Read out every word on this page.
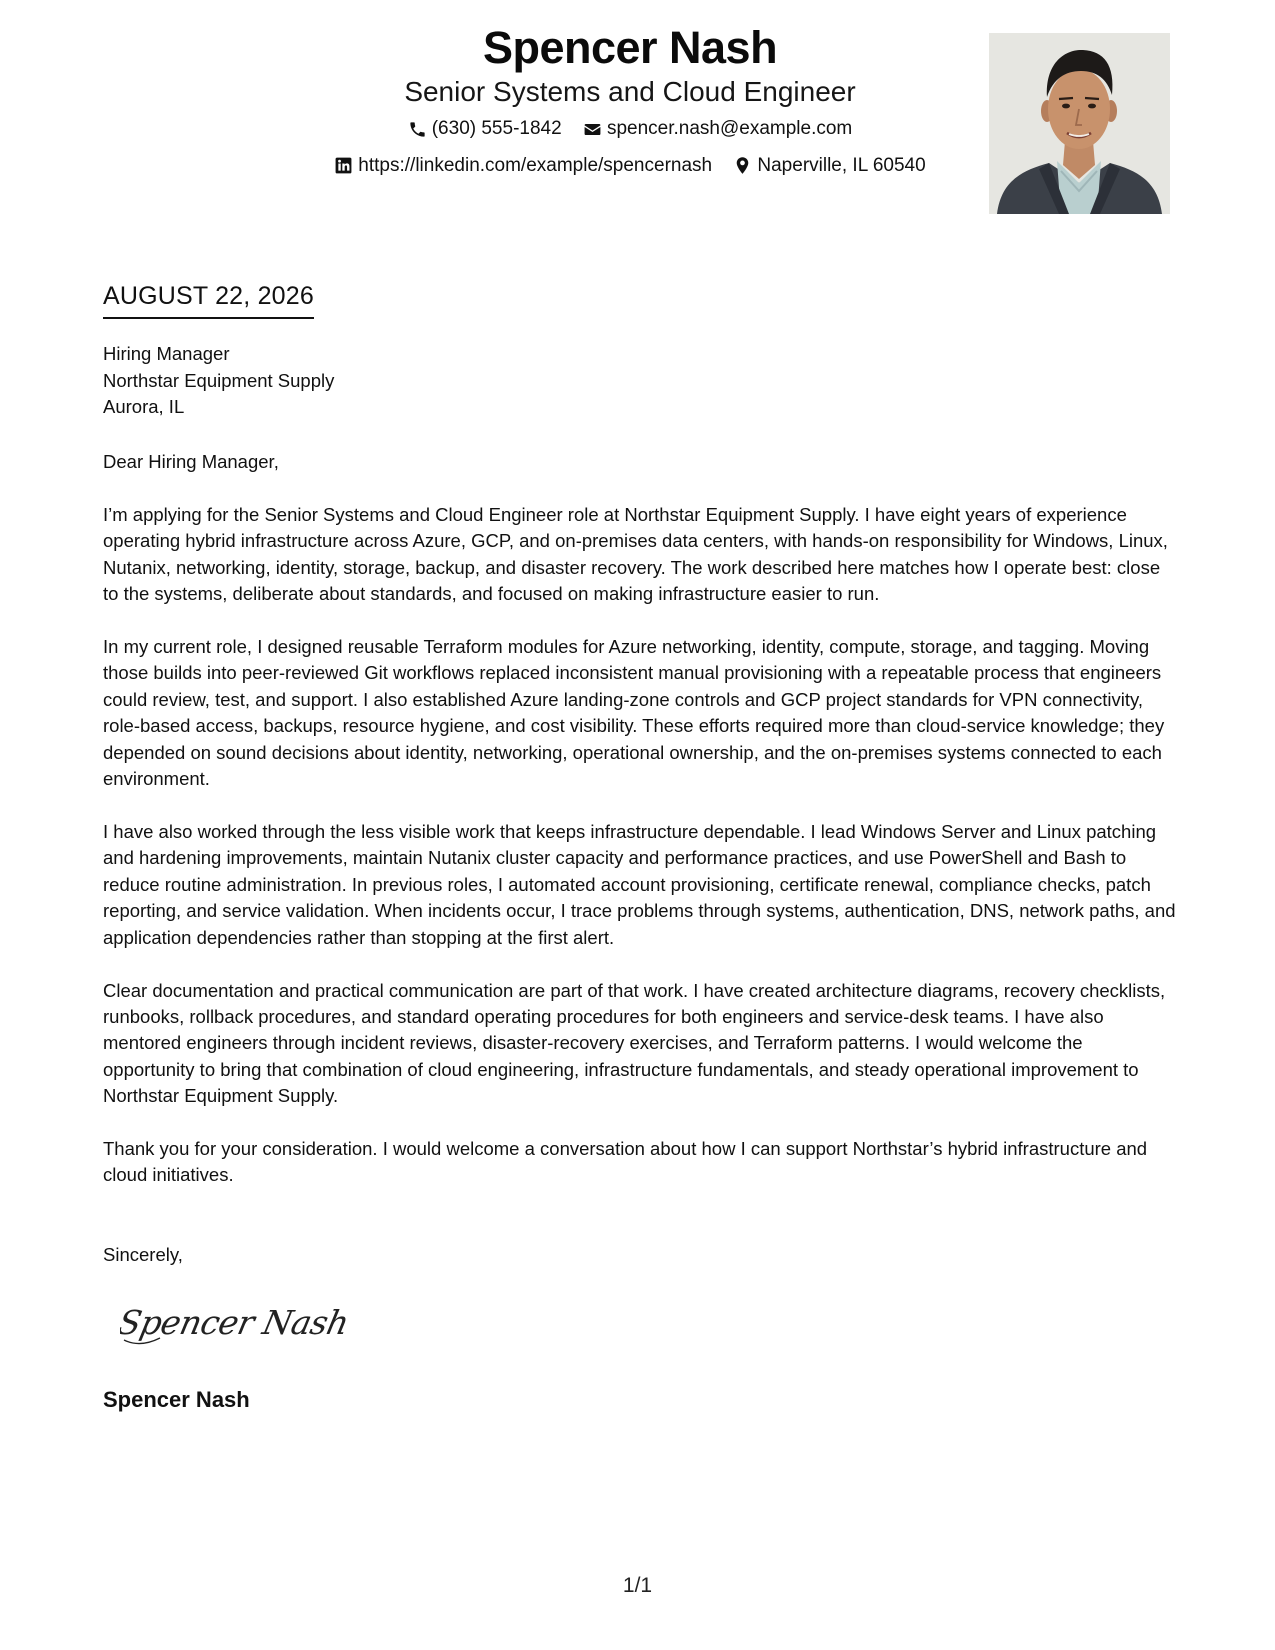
Spencer Nash
Senior Systems and Cloud Engineer
(630) 555-1842
spencer.nash@example.com
https://linkedin.com/example/spencernash
Naperville, IL 60540
AUGUST 22, 2026
Hiring Manager
Northstar Equipment Supply
Aurora, IL

Dear Hiring Manager,

I’m applying for the Senior Systems and Cloud Engineer role at Northstar Equipment Supply. I have eight years of experience operating hybrid infrastructure across Azure, GCP, and on-premises data centers, with hands-on responsibility for Windows, Linux, Nutanix, networking, identity, storage, backup, and disaster recovery. The work described here matches how I operate best: close to the systems, deliberate about standards, and focused on making infrastructure easier to run.

In my current role, I designed reusable Terraform modules for Azure networking, identity, compute, storage, and tagging. Moving those builds into peer-reviewed Git workflows replaced inconsistent manual provisioning with a repeatable process that engineers could review, test, and support. I also established Azure landing-zone controls and GCP project standards for VPN connectivity, role-based access, backups, resource hygiene, and cost visibility. These efforts required more than cloud-service knowledge; they depended on sound decisions about identity, networking, operational ownership, and the on-premises systems connected to each environment.

I have also worked through the less visible work that keeps infrastructure dependable. I lead Windows Server and Linux patching and hardening improvements, maintain Nutanix cluster capacity and performance practices, and use PowerShell and Bash to reduce routine administration. In previous roles, I automated account provisioning, certificate renewal, compliance checks, patch reporting, and service validation. When incidents occur, I trace problems through systems, authentication, DNS, network paths, and application dependencies rather than stopping at the first alert.

Clear documentation and practical communication are part of that work. I have created architecture diagrams, recovery checklists, runbooks, rollback procedures, and standard operating procedures for both engineers and service-desk teams. I have also mentored engineers through incident reviews, disaster-recovery exercises, and Terraform patterns. I would welcome the opportunity to bring that combination of cloud engineering, infrastructure fundamentals, and steady operational improvement to Northstar Equipment Supply.

Thank you for your consideration. I would welcome a conversation about how I can support Northstar’s hybrid infrastructure and cloud initiatives.

Sincerely,
Spencer Nash
Spencer Nash
1/1
